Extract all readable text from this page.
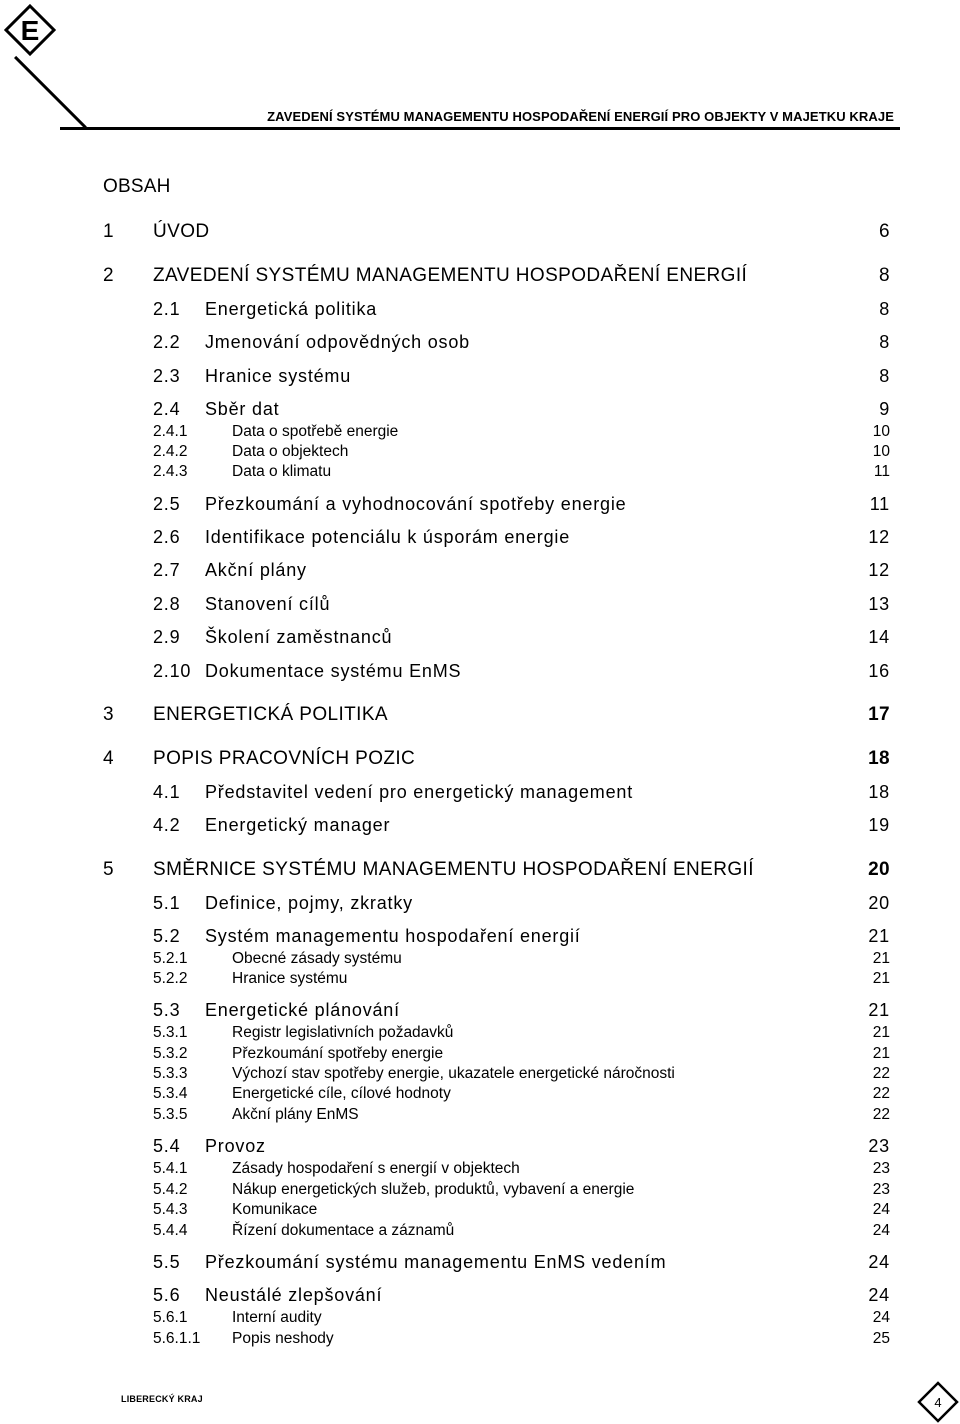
E
ZAVEDENÍ SYSTÉMU MANAGEMENTU HOSPODAŘENÍ ENERGIÍ PRO OBJEKTY V MAJETKU KRAJE
OBSAH
1 ÚVOD	6
2 ZAVEDENÍ SYSTÉMU MANAGEMENTU HOSPODAŘENÍ ENERGIÍ	8
2.1 Energetická politika	8
2.2 Jmenování odpovědných osob	8
2.3 Hranice systému	8
2.4 Sběr dat	9
2.4.1	Data o spotřebě energie	10
2.4.2	Data o objektech	10
2.4.3	Data o klimatu	11
2.5 Přezkoumání a vyhodnocování spotřeby energie	11
2.6 Identifikace potenciálu k úsporám energie	12
2.7 Akční plány	12
2.8 Stanovení cílů	13
2.9 Školení zaměstnanců	14
2.10 Dokumentace systému EnMS	16
3 ENERGETICKÁ POLITIKA	17
4 POPIS PRACOVNÍCH POZIC	18
4.1 Představitel vedení pro energetický management	18
4.2 Energetický manager	19
5 SMĚRNICE SYSTÉMU MANAGEMENTU HOSPODAŘENÍ ENERGIÍ	20
5.1 Definice, pojmy, zkratky	20
5.2 Systém managementu hospodaření energií	21
5.2.1	Obecné zásady systému	21
5.2.2	Hranice systému	21
5.3 Energetické plánování	21
5.3.1	Registr legislativních požadavků	21
5.3.2	Přezkoumání spotřeby energie	21
5.3.3	Výchozí stav spotřeby energie, ukazatele energetické náročnosti	22
5.3.4	Energetické cíle, cílové hodnoty	22
5.3.5	Akční plány EnMS	22
5.4 Provoz	23
5.4.1	Zásady hospodaření s energií v objektech	23
5.4.2	Nákup energetických služeb, produktů, vybavení a energie	23
5.4.3	Komunikace	24
5.4.4	Řízení dokumentace a záznamů	24
5.5 Přezkoumání systému managementu EnMS vedením	24
5.6 Neustálé zlepšování	24
5.6.1	Interní audity	24
5.6.1.1 Popis neshody	25
LIBERECKÝ KRAJ	4
